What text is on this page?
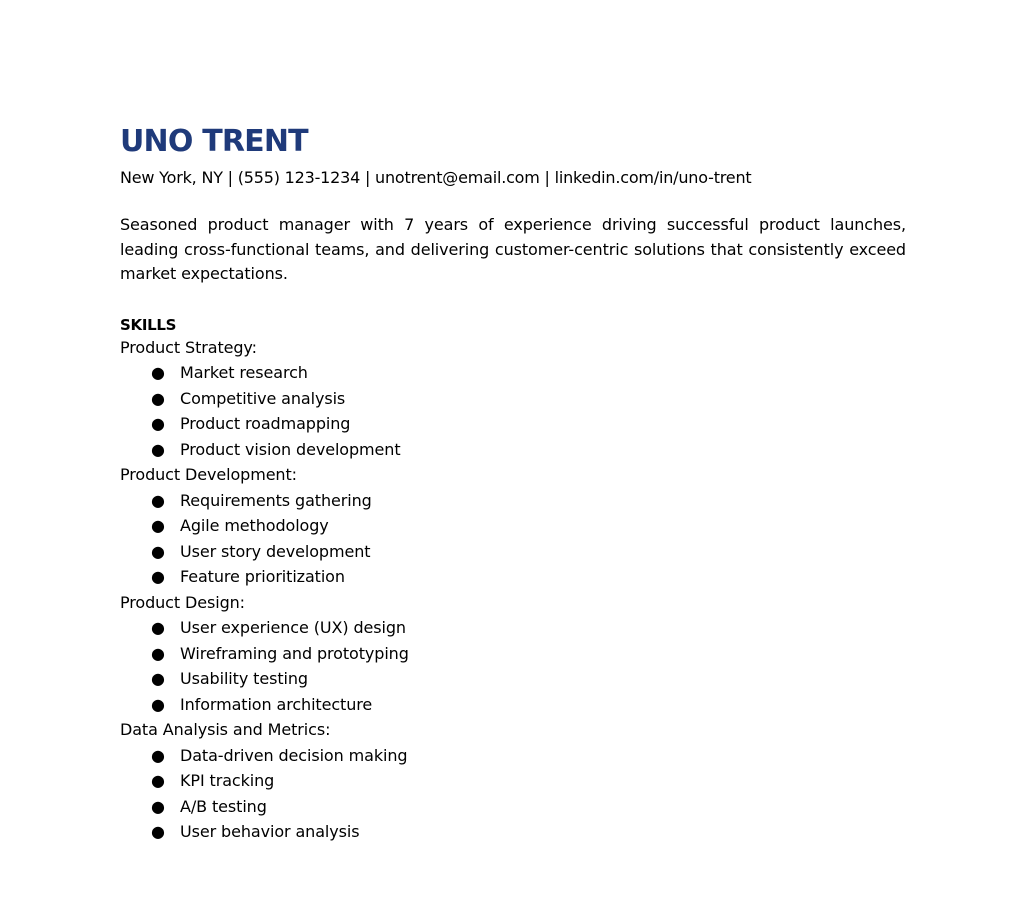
UNO TRENT

New York, NY | (555) 123-1234 | unotrent@email.com | linkedin.com/in/uno-trent

Seasoned product manager with 7 years of experience driving successful product launches, leading cross-functional teams, and delivering customer-centric solutions that consistently exceed market expectations.

SKILLS

Product Strategy:

● Market research
● Competitive analysis
● Product roadmapping
● Product vision development

Product Development:

● Requirements gathering
● Agile methodology
● User story development
● Feature prioritization

Product Design:

● User experience (UX) design
● Wireframing and prototyping
● Usability testing
● Information architecture

Data Analysis and Metrics:

● Data-driven decision making
● KPI tracking
● A/B testing
● User behavior analysis
